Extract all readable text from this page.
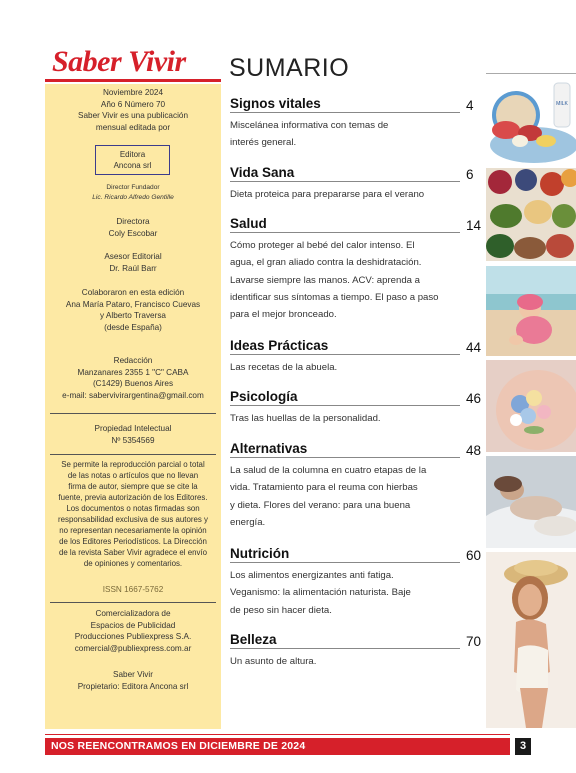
Saber Vivir
Noviembre 2024
Año 6 Número 70
Saber Vivir es una publicación
mensual editada por
Editora
Ancona srl
Director Fundador
Lic. Ricardo Alfredo Gentille
Directora
Coly Escobar
Asesor Editorial
Dr. Raúl Barr
Colaboraron en esta edición
Ana María Pataro, Francisco Cuevas
y Alberto Traversa
(desde España)
Redacción
Manzanares 2355 1 "C" CABA
(C1429) Buenos Aires
e-mail: sabervivirargentina@gmail.com
Propiedad Intelectual
Nº 5354569
Se permite la reproducción parcial o total
de las notas o artículos que no llevan
firma de autor, siempre que se cite la
fuente, previa autorización de los Editores.
Los documentos o notas firmadas son
responsabilidad exclusiva de sus autores y
no representan necesariamente la opinión
de los Editores Periodísticos. La Dirección
de la revista Saber Vivir agradece el envío
de opiniones y comentarios.
ISSN 1667-5762
Comercializadora de
Espacios de Publicidad
Producciones Publiexpress S.A.
comercial@publiexpress.com.ar
Saber Vivir
Propietario: Editora Ancona srl
SUMARIO
Signos vitales	4
Miscelánea informativa con temas de
interés general.
Vida Sana	6
Dieta proteica para prepararse para el verano
Salud	14
Cómo proteger al bebé del calor intenso. El
agua, el gran aliado contra la deshidratación.
Lavarse siempre las manos. ACV: aprenda a
identificar sus síntomas a tiempo. El paso a paso
para el mejor bronceado.
Ideas Prácticas	44
Las recetas de la abuela.
Psicología	46
Tras las huellas de la personalidad.
Alternativas	48
La salud de la columna en cuatro etapas de la
vida. Tratamiento para el reuma con hierbas
y dieta. Flores del verano: para una buena
energía.
Nutrición	60
Los alimentos energizantes anti fatiga.
Veganismo: la alimentación naturista. Baje
de peso sin hacer dieta.
Belleza	70
Un asunto de altura.
MILK
NOS REENCONTRAMOS EN DICIEMBRE DE 2024	3
